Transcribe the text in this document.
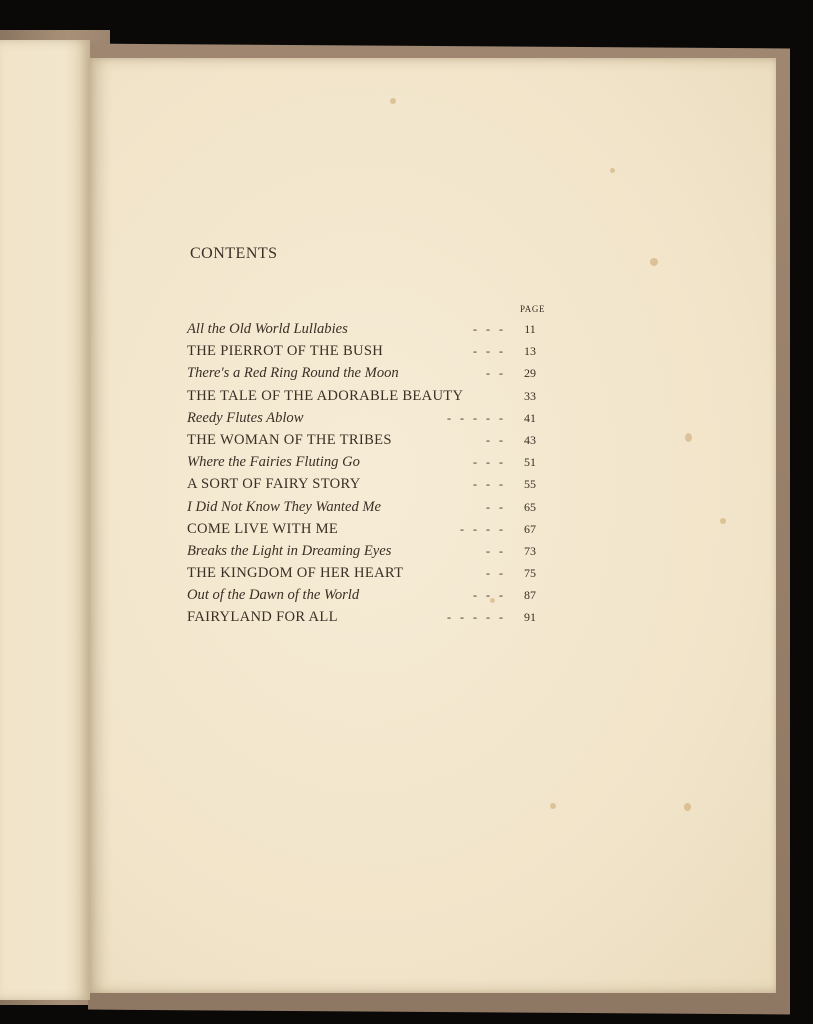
CONTENTS
PAGE
All the Old World Lullabies	-   -   -	11
THE PIERROT OF THE BUSH	-   -   -	13
There's a Red Ring Round the Moon	-   -	29
THE TALE OF THE ADORABLE BEAUTY	33
Reedy Flutes Ablow	-   -   -   -   -	41
THE WOMAN OF THE TRIBES	-   -	43
Where the Fairies Fluting Go	-   -   -	51
A SORT OF FAIRY STORY	-   -   -	55
I Did Not Know They Wanted Me	-   -	65
COME LIVE WITH ME	-   -   -   -	67
Breaks the Light in Dreaming Eyes	-   -	73
THE KINGDOM OF HER HEART	-   -	75
Out of the Dawn of the World	-   -   -	87
FAIRYLAND FOR ALL	-   -   -   -   -	91
